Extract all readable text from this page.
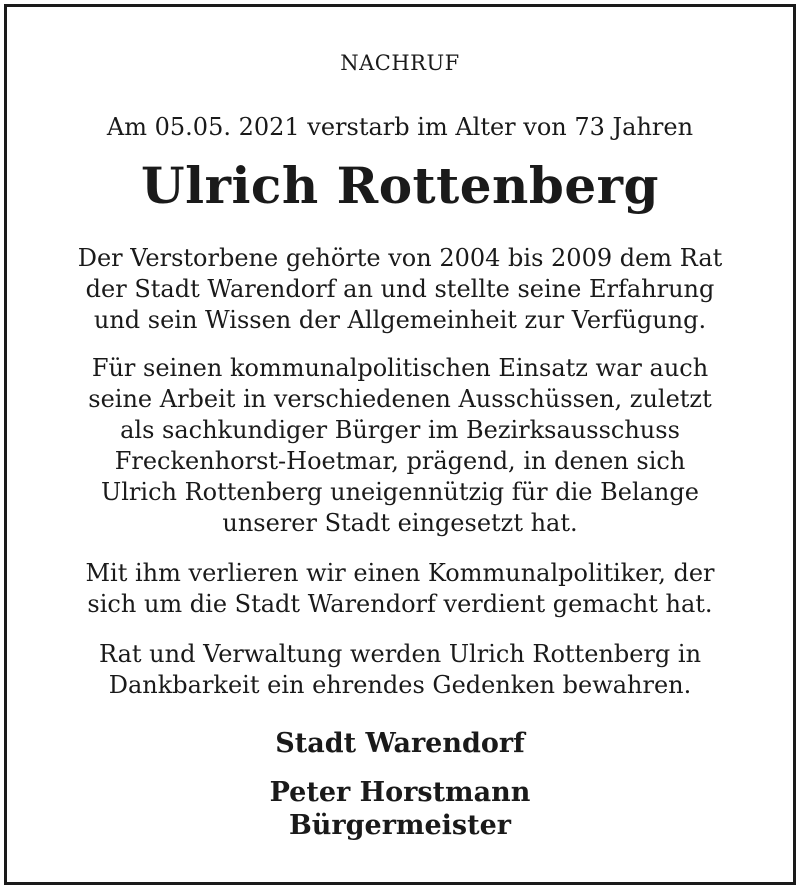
NACHRUF
Am 05.05. 2021 verstarb im Alter von 73 Jahren
Ulrich Rottenberg

Der Verstorbene gehörte von 2004 bis 2009 dem Rat
der Stadt Warendorf an und stellte seine Erfahrung
und sein Wissen der Allgemeinheit zur Verfügung.

Für seinen kommunalpolitischen Einsatz war auch
seine Arbeit in verschiedenen Ausschüssen, zuletzt
als sachkundiger Bürger im Bezirksausschuss
Freckenhorst-Hoetmar, prägend, in denen sich
Ulrich Rottenberg uneigennützig für die Belange
unserer Stadt eingesetzt hat.

Mit ihm verlieren wir einen Kommunalpolitiker, der
sich um die Stadt Warendorf verdient gemacht hat.

Rat und Verwaltung werden Ulrich Rottenberg in
Dankbarkeit ein ehrendes Gedenken bewahren.

Stadt Warendorf
Peter Horstmann
Bürgermeister
